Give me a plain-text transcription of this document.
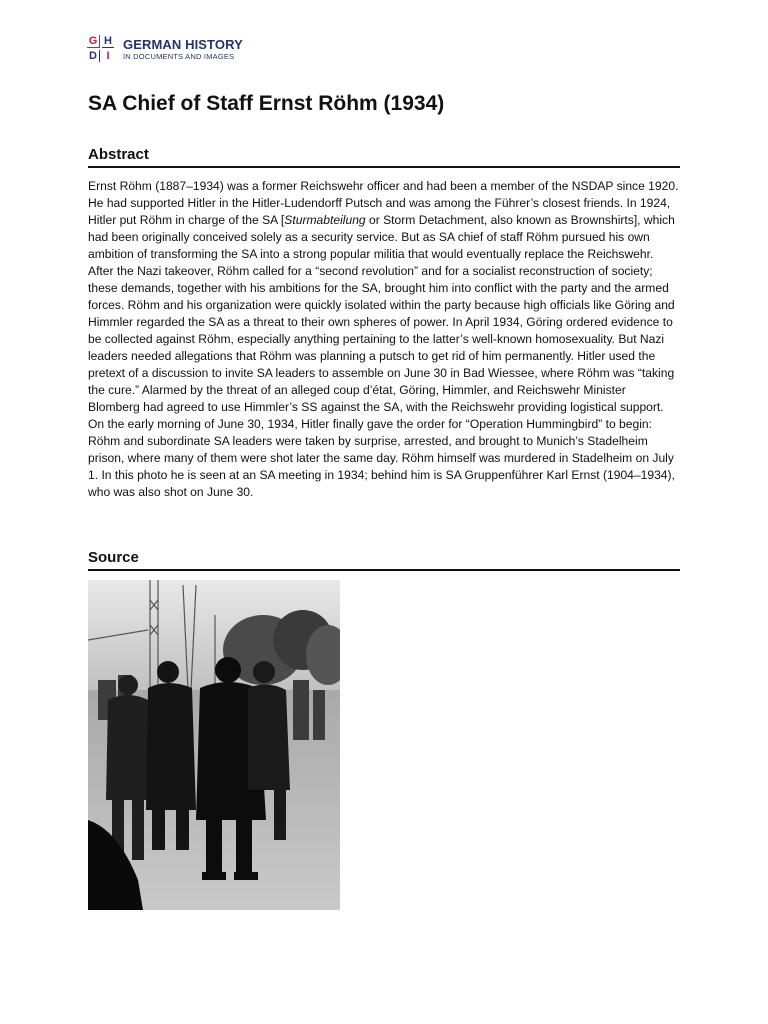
G H
D I
GERMAN HISTORY
IN DOCUMENTS AND IMAGES
SA Chief of Staff Ernst Röhm (1934)
Abstract

Ernst Röhm (1887–1934) was a former Reichswehr officer and had been a member of the NSDAP since 1920. He had supported Hitler in the Hitler-Ludendorff Putsch and was among the Führer’s closest friends. In 1924, Hitler put Röhm in charge of the SA [Sturmabteilung or Storm Detachment, also known as Brownshirts], which had been originally conceived solely as a security service. But as SA chief of staff Röhm pursued his own ambition of transforming the SA into a strong popular militia that would eventually replace the Reichswehr. After the Nazi takeover, Röhm called for a “second revolution” and for a socialist reconstruction of society; these demands, together with his ambitions for the SA, brought him into conflict with the party and the armed forces. Röhm and his organization were quickly isolated within the party because high officials like Göring and Himmler regarded the SA as a threat to their own spheres of power. In April 1934, Göring ordered evidence to be collected against Röhm, especially anything pertaining to the latter’s well-known homosexuality. But Nazi leaders needed allegations that Röhm was planning a putsch to get rid of him permanently. Hitler used the pretext of a discussion to invite SA leaders to assemble on June 30 in Bad Wiessee, where Röhm was “taking the cure.” Alarmed by the threat of an alleged coup d’état, Göring, Himmler, and Reichswehr Minister Blomberg had agreed to use Himmler’s SS against the SA, with the Reichswehr providing logistical support. On the early morning of June 30, 1934, Hitler finally gave the order for “Operation Hummingbird” to begin: Röhm and subordinate SA leaders were taken by surprise, arrested, and brought to Munich’s Stadelheim prison, where many of them were shot later the same day. Röhm himself was murdered in Stadelheim on July 1. In this photo he is seen at an SA meeting in 1934; behind him is SA Gruppenführer Karl Ernst (1904–1934), who was also shot on June 30.

Source
